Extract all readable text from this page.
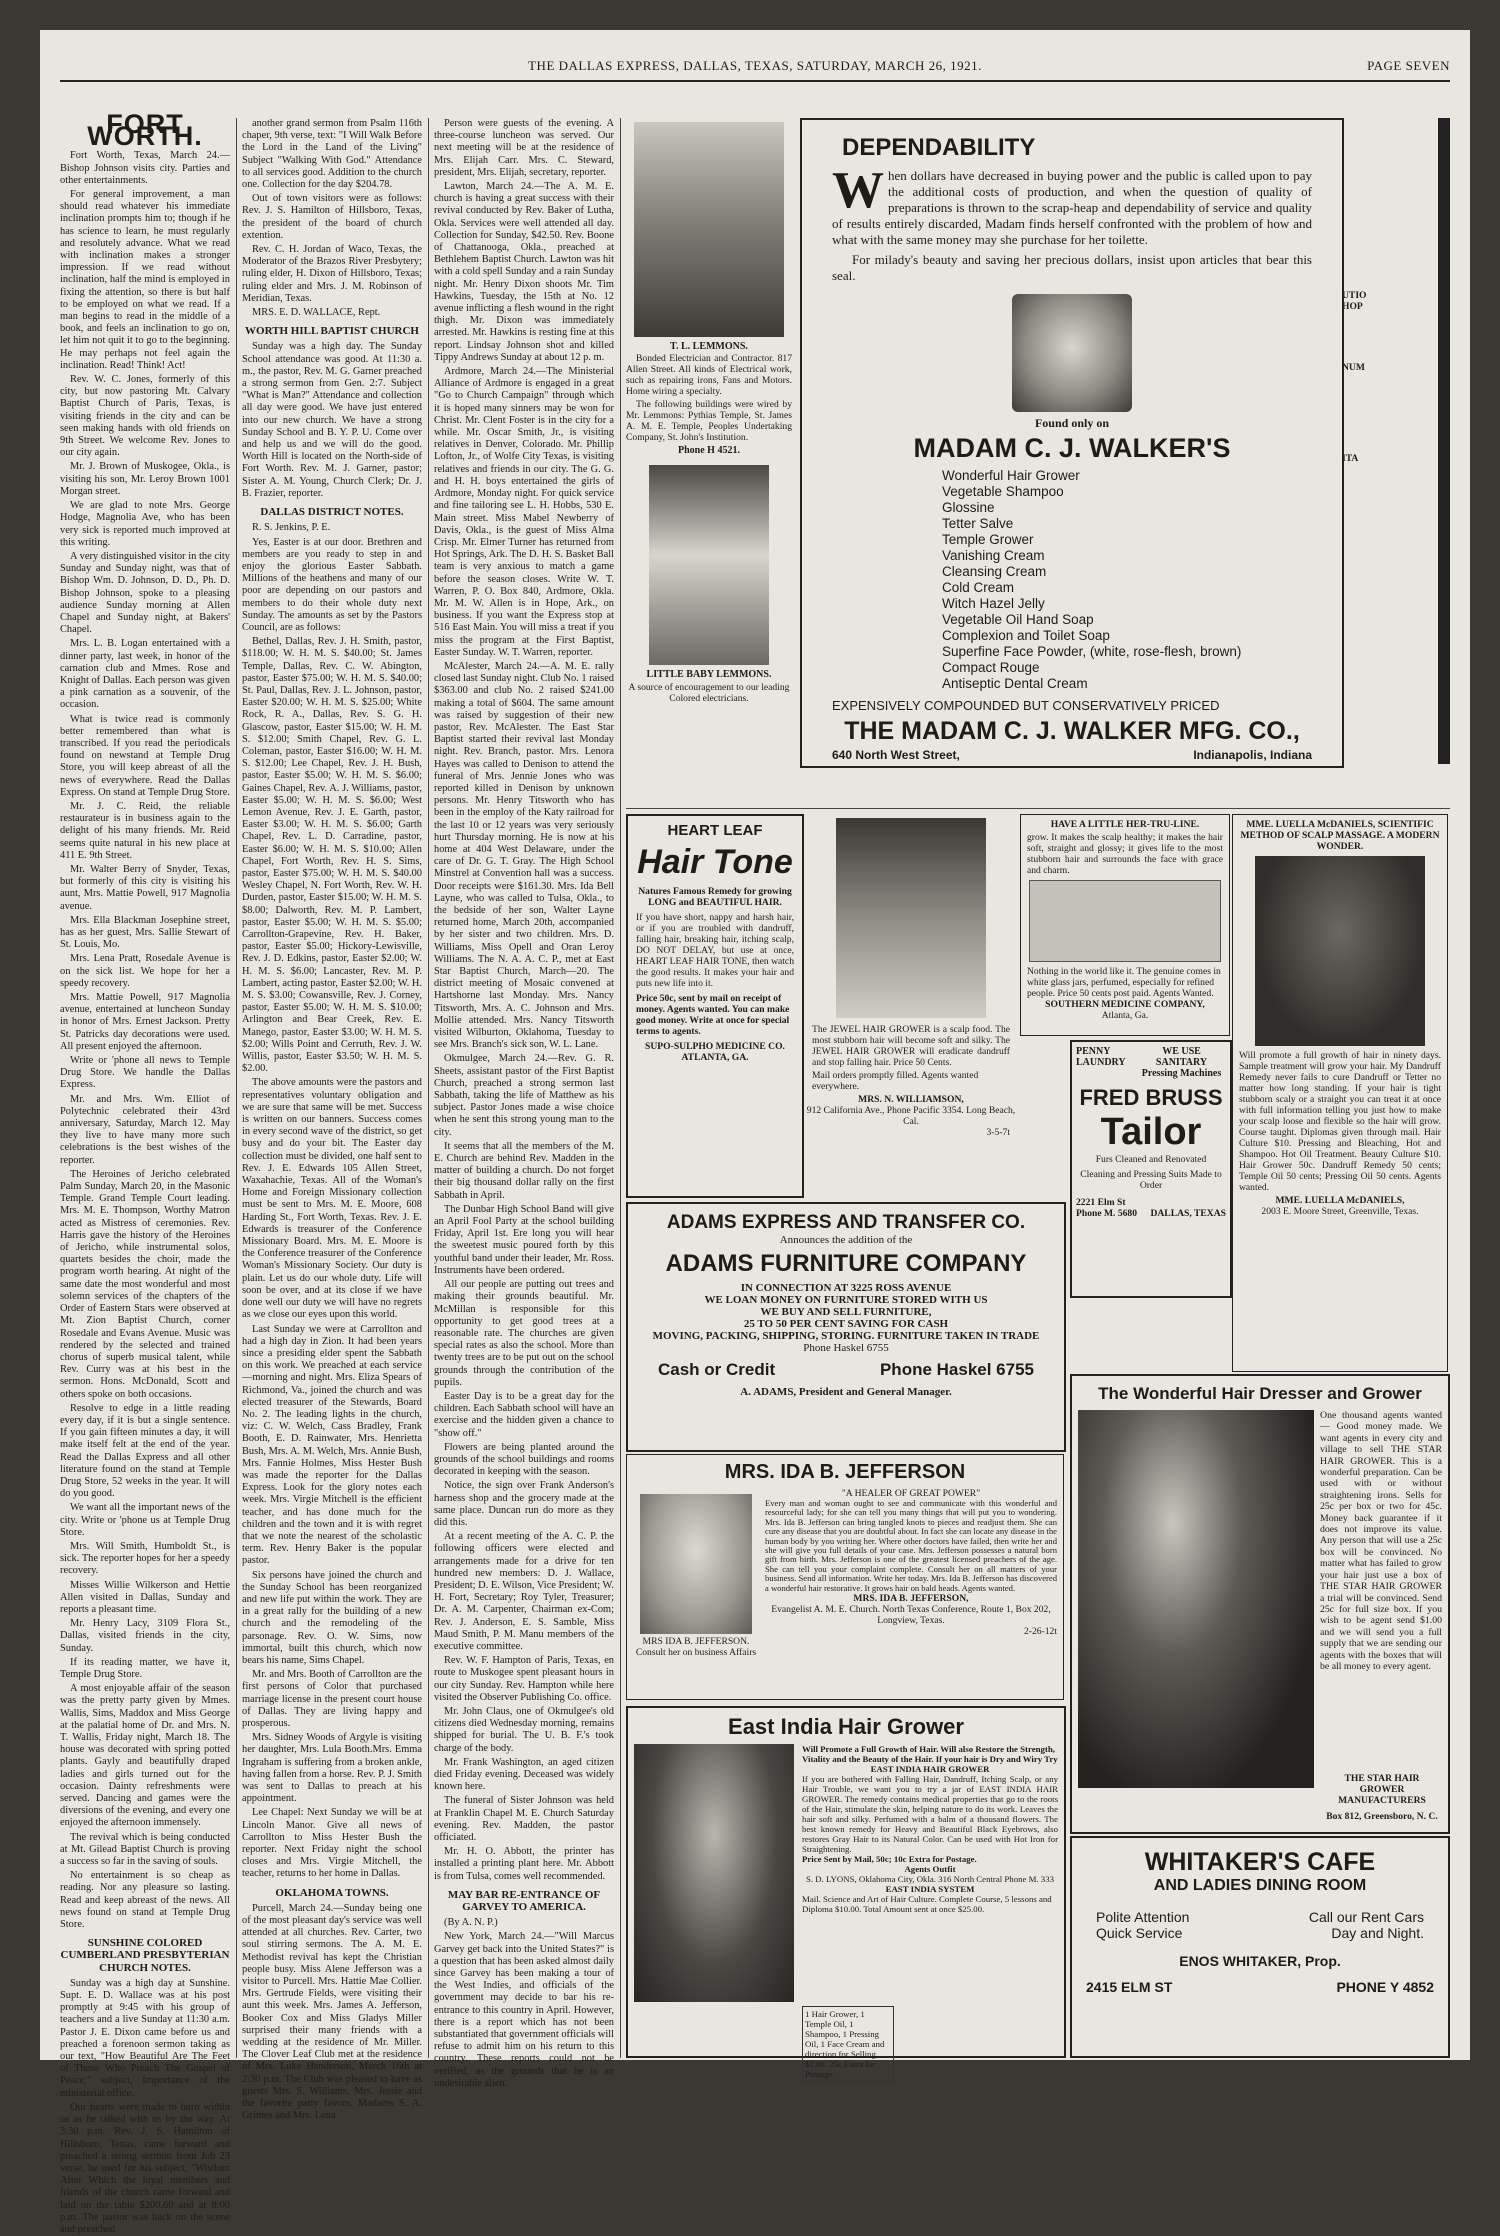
THE DALLAS EXPRESS, DALLAS, TEXAS, SATURDAY, MARCH 26, 1921.	PAGE SEVEN
FORT WORTH.

Fort Worth, Texas, March 24.— Bishop Johnson visits city. Parties and other entertainments.

For general improvement, a man should read whatever his immediate inclination prompts him to; though if he has science to learn, he must regularly and resolutely advance. What we read with inclination makes a stronger impression. If we read without inclination, half the mind is employed in fixing the attention, so there is but half to be employed on what we read. If a man begins to read in the middle of a book, and feels an inclination to go on, let him not quit it to go to the beginning. He may perhaps not feel again the inclination. Read! Think! Act!

Rev. W. C. Jones, formerly of this city, but now pastoring Mt. Calvary Baptist Church of Paris, Texas, is visiting friends in the city and can be seen making hands with old friends on 9th Street. We welcome Rev. Jones to our city again.

Mr. J. Brown of Muskogee, Okla., is visiting his son, Mr. Leroy Brown 1001 Morgan street.

We are glad to note Mrs. George Hodge, Magnolia Ave, who has been very sick is reported much improved at this writing.

A very distinguished visitor in the city Sunday and Sunday night, was that of Bishop Wm. D. Johnson, D. D., Ph. D. Bishop Johnson, spoke to a pleasing audience Sunday morning at Allen Chapel and Sunday night, at Bakers' Chapel.

Mrs. L. B. Logan entertained with a dinner party, last week, in honor of the carnation club and Mmes. Rose and Knight of Dallas. Each person was given a pink carnation as a souvenir, of the occasion.

What is twice read is commonly better remembered than what is transcribed. If you read the periodicals found on newstand at Temple Drug Store, you will keep abreast of all the news of everywhere. Read the Dallas Express. On stand at Temple Drug Store.

Mr. J. C. Reid, the reliable restaurateur is in business again to the delight of his many friends. Mr. Reid seems quite natural in his new place at 411 E. 9th Street.

Mr. Walter Berry of Snyder, Texas, but formerly of this city is visiting his aunt, Mrs. Mattie Powell, 917 Magnolia avenue.

Mrs. Ella Blackman Josephine street, has as her guest, Mrs. Sallie Stewart of St. Louis, Mo.

Mrs. Lena Pratt, Rosedale Avenue is on the sick list. We hope for her a speedy recovery.

Mrs. Mattie Powell, 917 Magnolia avenue, entertained at luncheon Sunday in honor of Mrs. Ernest Jackson. Pretty St. Patricks day decorations were used. All present enjoyed the afternoon.

Write or 'phone all news to Temple Drug Store. We handle the Dallas Express.

Mr. and Mrs. Wm. Elliot of Polytechnic celebrated their 43rd anniversary, Saturday, March 12. May they live to have many more such celebrations is the best wishes of the reporter.

The Heroines of Jericho celebrated Palm Sunday, March 20, in the Masonic Temple. Grand Temple Court leading. Mrs. M. E. Thompson, Worthy Matron acted as Mistress of ceremonies. Rev. Harris gave the history of the Heroines of Jericho, while instrumental solos, quartets besides the choir, made the program worth hearing. At night of the same date the most wonderful and most solemn services of the chapters of the Order of Eastern Stars were observed at Mt. Zion Baptist Church, corner Rosedale and Evans Avenue. Music was rendered by the selected and trained chorus of superb musical talent, while Rev. Curry was at his best in the sermon. Hons. McDonald, Scott and others spoke on both occasions.

Resolve to edge in a little reading every day, if it is but a single sentence. If you gain fifteen minutes a day, it will make itself felt at the end of the year. Read the Dallas Express and all other literature found on the stand at Temple Drug Store, 52 weeks in the year. It will do you good.

We want all the important news of the city. Write or 'phone us at Temple Drug Store.

Mrs. Will Smith, Humboldt St., is sick. The reporter hopes for her a speedy recovery.

Misses Willie Wilkerson and Hettie Allen visited in Dallas, Sunday and reports a pleasant time.

Mr. Henry Lacy, 3109 Flora St., Dallas, visited friends in the city, Sunday.

If its reading matter, we have it, Temple Drug Store.

A most enjoyable affair of the season was the pretty party given by Mmes. Wallis, Sims, Maddox and Miss George at the palatial home of Dr. and Mrs. N. T. Wallis, Friday night, March 18. The house was decorated with spring potted plants. Gayly and beautifully draped ladies and girls turned out for the occasion. Dainty refreshments were served. Dancing and games were the diversions of the evening, and every one enjoyed the afternoon immensely.

The revival which is being conducted at Mt. Gilead Baptist Church is proving a success so far in the saving of souls.

No entertainment is so cheap as reading. Nor any pleasure so lasting. Read and keep abreast of the news. All news found on stand at Temple Drug Store.

SUNSHINE COLORED CUMBERLAND PRESBYTERIAN CHURCH NOTES.

Sunday was a high day at Sunshine. Supt. E. D. Wallace was at his post promptly at 9:45 with his group of teachers and a live Sunday at 11:30 a.m. Pastor J. E. Dixon came before us and preached a forenoon sermon taking as our text, "How Beautiful Are The Feet of Those Who Preach The Gospel of Peace," subject, Importance of the ministerial office.

Our hearts were made to burn within us as he talked with us by the way. At 3:30 p.m. Rev. J. S. Hamilton of Hillsboro, Texas, came forward and preached a strong sermon from Job 23 verse, he used for his subject, "Wisdom After Which the loyal members and friends of the church came forward and laid on the table $200.60 and at 8:00 p.m. The pastor was back on the scene and preached

another grand sermon from Psalm 116th chaper, 9th verse, text: "I Will Walk Before the Lord in the Land of the Living" Subject "Walking With God." Attendance to all services good. Addition to the church one. Collection for the day $204.78.

Out of town visitors were as follows: Rev. J. S. Hamilton of Hillsboro, Texas, the president of the board of church extention.

Rev. C. H. Jordan of Waco, Texas, the Moderator of the Brazos River Presbytery; ruling elder, H. Dixon of Hillsboro, Texas; ruling elder and Mrs. J. M. Robinson of Meridian, Texas.

MRS. E. D. WALLACE, Rept.

WORTH HILL BAPTIST CHURCH

Sunday was a high day. The Sunday School attendance was good. At 11:30 a. m., the pastor, Rev. M. G. Garner preached a strong sermon from Gen. 2:7. Subject "What is Man?" Attendance and collection all day were good. We have just entered into our new church. We have a strong Sunday School and B. Y. P. U. Come over and help us and we will do the good. Worth Hill is located on the North-side of Fort Worth. Rev. M. J. Garner, pastor; Sister A. M. Young, Church Clerk; Dr. J. B. Frazier, reporter.

DALLAS DISTRICT NOTES.

R. S. Jenkins, P. E.

Yes, Easter is at our door. Brethren and members are you ready to step in and enjoy the glorious Easter Sabbath. Millions of the heathens and many of our poor are depending on our pastors and members to do their whole duty next Sunday. The amounts as set by the Pastors Council, are as follows:

Bethel, Dallas, Rev. J. H. Smith, pastor, $118.00; W. H. M. S. $40.00; St. James Temple, Dallas, Rev. C. W. Abington, pastor, Easter $75.00; W. H. M. S. $40.00; St. Paul, Dallas, Rev. J. L. Johnson, pastor, Easter $20.00; W. H. M. S. $25.00; White Rock, R. A., Dallas, Rev. S. G. H. Glascow, pastor, Easter $15.00; W. H. M. S. $12.00; Smith Chapel, Rev. G. L. Coleman, pastor, Easter $16.00; W. H. M. S. $12.00; Lee Chapel, Rev. J. H. Bush, pastor, Easter $5.00; W. H. M. S. $6.00; Gaines Chapel, Rev. A. J. Williams, pastor, Easter $5.00; W. H. M. S. $6.00; West Lemon Avenue, Rev. J. E. Garth, pastor, Easter $3.00; W. H. M. S. $6.00; Garth Chapel, Rev. L. D. Carradine, pastor, Easter $6.00; W. H. M. S. $10.00; Allen Chapel, Fort Worth, Rev. H. S. Sims, pastor, Easter $75.00; W. H. M. S. $40.00 Wesley Chapel, N. Fort Worth, Rev. W. H. Durden, pastor, Easter $15.00; W. H. M. S. $8.00; Dalworth, Rev. M. P. Lambert, pastor, Easter $5.00; W. H. M. S. $5.00; Carrollton-Grapevine, Rev. H. Baker, pastor, Easter $5.00; Hickory-Lewisville, Rev. J. D. Edkins, pastor, Easter $2.00; W. H. M. S. $6.00; Lancaster, Rev. M. P. Lambert, acting pastor, Easter $2.00; W. H. M. S. $3.00; Cowansville, Rev. J. Corney, pastor, Easter $5.00; W. H. M. S. $10.00; Arlington and Bear Creek, Rev. E. Manego, pastor, Easter $3.00; W. H. M. S. $2.00; Wills Point and Cerruth, Rev. J. W. Willis, pastor, Easter $3.50; W. H. M. S. $2.00.

The above amounts were the pastors and representatives voluntary obligation and we are sure that same will be met. Success is written on our banners. Success comes in every second wave of the district, so get busy and do your bit. The Easter day collection must be divided, one half sent to Rev. J. E. Edwards 105 Allen Street, Waxahachie, Texas. All of the Woman's Home and Foreign Missionary collection must be sent to Mrs. M. E. Moore, 608 Harding St., Fort Worth, Texas. Rev. J. E. Edwards is treasurer of the Conference Missionary Board. Mrs. M. E. Moore is the Conference treasurer of the Conference Woman's Missionary Society. Our duty is plain. Let us do our whole duty. Life will soon be over, and at its close if we have done well our duty we will have no regrets as we close our eyes upon this world.

Last Sunday we were at Carrollton and had a high day in Zion. It had been years since a presiding elder spent the Sabbath on this work. We preached at each service—morning and night. Mrs. Eliza Spears of Richmond, Va., joined the church and was elected treasurer of the Stewards, Board No. 2. The leading lights in the church, viz: C. W. Welch, Cass Bradley, Frank Booth, E. D. Rainwater, Mrs. Henrietta Bush, Mrs. A. M. Welch, Mrs. Annie Bush, Mrs. Fannie Holmes, Miss Hester Bush was made the reporter for the Dallas Express. Look for the glory notes each week. Mrs. Virgie Mitchell is the efficient teacher, and has done much for the children and the town and it is with regret that we note the nearest of the scholastic term. Rev. Henry Baker is the popular pastor.

Six persons have joined the church and the Sunday School has been reorganized and new life put within the work. They are in a great rally for the building of a new church and the remodeling of the parsonage. Rev. O. W. Sims, now immortal, built this church, which now bears his name, Sims Chapel.

Mr. and Mrs. Booth of Carrollton are the first persons of Color that purchased marriage license in the present court house of Dallas. They are living happy and prosperous.

Mrs. Sidney Woods of Argyle is visiting her daughter, Mrs. Lula Booth.Mrs. Emma Ingraham is suffering from a broken ankle, having fallen from a horse. Rev. P. J. Smith was sent to Dallas to preach at his appointment.

Lee Chapel: Next Sunday we will be at Lincoln Manor. Give all news of Carrollton to Miss Hester Bush the reporter. Next Friday night the school closes and Mrs. Virgie Mitchell, the teacher, returns to her home in Dallas.

OKLAHOMA TOWNS.

Purcell, March 24.—Sunday being one of the most pleasant day's service was well attended at all churches. Rev. Carter, two soul stirring sermons. The A. M. E. Methodist revival has kept the Christian people busy. Miss Alene Jefferson was a visitor to Purcell. Mrs. Hattie Mae Collier. Mrs. Gertrude Fields, were visiting their aunt this week. Mrs. James A. Jefferson, Booker Cox and Miss Gladys Miller surprised their many friends with a wedding at the residence of Mr. Miller. The Clover Leaf Club met at the residence of Mrs. Luke Henderson, March 16th at 2:30 p.m. The Club was pleased to have as guests Mrs. S. Williams, Mrs. Jessie and the favorite party favors. Madams S. A. Grimes and Mrs. Lena

Person were guests of the evening. A three-course luncheon was served. Our next meeting will be at the residence of Mrs. Elijah Carr. Mrs. C. Steward, president, Mrs. Elijah, secretary, reporter.

Lawton, March 24.—The A. M. E. church is having a great success with their revival conducted by Rev. Baker of Lutha, Okla. Services were well attended all day. Collection for Sunday, $42.50. Rev. Boone of Chattanooga, Okla., preached at Bethlehem Baptist Church. Lawton was hit with a cold spell Sunday and a rain Sunday night. Mr. Henry Dixon shoots Mr. Tim Hawkins, Tuesday, the 15th at No. 12 avenue inflicting a flesh wound in the right thigh. Mr. Dixon was immediately arrested. Mr. Hawkins is resting fine at this report. Lindsay Johnson shot and killed Tippy Andrews Sunday at about 12 p. m.

Ardmore, March 24.—The Ministerial Alliance of Ardmore is engaged in a great "Go to Church Campaign" through which it is hoped many sinners may be won for Christ. Mr. Clent Foster is in the city for a while. Mr. Oscar Smith, Jr., is visiting relatives in Denver, Colorado. Mr. Phillip Lofton, Jr., of Wolfe City Texas, is visiting relatives and friends in our city. The G. G. and H. H. boys entertained the girls of Ardmore, Monday night. For quick service and fine tailoring see L. H. Hobbs, 530 E. Main street. Miss Mabel Newberry of Davis, Okla., is the guest of Miss Alma Crisp. Mr. Elmer Turner has returned from Hot Springs, Ark. The D. H. S. Basket Ball team is very anxious to match a game before the season closes. Write W. T. Warren, P. O. Box 840, Ardmore, Okla. Mr. M. W. Allen is in Hope, Ark., on business. If you want the Express stop at 516 East Main. You will miss a treat if you miss the program at the First Baptist, Easter Sunday. W. T. Warren, reporter.

McAlester, March 24.—A. M. E. rally closed last Sunday night. Club No. 1 raised $363.00 and club No. 2 raised $241.00 making a total of $604. The same amount was raised by suggestion of their new pastor, Rev. McAlester. The East Star Baptist started their revival last Monday night. Rev. Branch, pastor. Mrs. Lenora Hayes was called to Denison to attend the funeral of Mrs. Jennie Jones who was reported killed in Denison by unknown persons. Mr. Henry Titsworth who has been in the employ of the Katy railroad for the last 10 or 12 years was very seriously hurt Thursday morning. He is now at his home at 404 West Delaware, under the care of Dr. G. T. Gray. The High School Minstrel at Convention hall was a success. Door receipts were $161.30. Mrs. Ida Bell Layne, who was called to Tulsa, Okla., to the bedside of her son, Walter Layne returned home, March 20th, accompanied by her sister and two children. Mrs. D. Williams, Miss Opell and Oran Leroy Williams. The N. A. A. C. P., met at East Star Baptist Church, March—20. The district meeting of Mosaic convened at Hartshorne last Monday. Mrs. Nancy Titsworth, Mrs. A. C. Johnson and Mrs. Mollie attended. Mrs. Nancy Titsworth visited Wilburton, Oklahoma, Tuesday to see Mrs. Branch's sick son, W. L. Lane.

Okmulgee, March 24.—Rev. G. R. Sheets, assistant pastor of the First Baptist Church, preached a strong sermon last Sabbath, taking the life of Matthew as his subject. Pastor Jones made a wise choice when he sent this strong young man to the city.

It seems that all the members of the M. E. Church are behind Rev. Madden in the matter of building a church. Do not forget their big thousand dollar rally on the first Sabbath in April.

The Dunbar High School Band will give an April Fool Party at the school building Friday, April 1st. Ere long you will hear the sweetest music poured forth by this youthful band under their leader, Mr. Ross. Instruments have been ordered.

All our people are putting out trees and making their grounds beautiful. Mr. McMillan is responsible for this opportunity to get good trees at a reasonable rate. The churches are given special rates as also the school. More than twenty trees are to be put out on the school grounds through the contribution of the pupils.

Easter Day is to be a great day for the children. Each Sabbath school will have an exercise and the hidden given a chance to "show off."

Flowers are being planted around the grounds of the school buildings and rooms decorated in keeping with the season.

Notice, the sign over Frank Anderson's harness shop and the grocery made at the same place. Duncan run do more as they did this.

At a recent meeting of the A. C. P. the following officers were elected and arrangements made for a drive for ten hundred new members: D. J. Wallace, President; D. E. Wilson, Vice President; W. H. Fort, Secretary; Roy Tyler, Treasurer; Dr. A. M. Carpenter, Chairman ex-Com; Rev. J. Anderson, E. S. Samble, Miss Maud Smith, P. M. Manu members of the executive committee.

Rev. W. F. Hampton of Paris, Texas, en route to Muskogee spent pleasant hours in our city Sunday. Rev. Hampton while here visited the Observer Publishing Co. office.

Mr. John Claus, one of Okmulgee's old citizens died Wednesday morning, remains shipped for burial. The U. B. F.'s took charge of the body.

Mr. Frank Washington, an aged citizen died Friday evening. Deceased was widely known here.

The funeral of Sister Johnson was held at Franklin Chapel M. E. Church Saturday evening. Rev. Madden, the pastor officiated.

Mr. H. O. Abbott, the printer has installed a printing plant here. Mr. Abbott is from Tulsa, comes well recommended.

MAY BAR RE-ENTRANCE OF GARVEY TO AMERICA.

(By A. N. P.)

New York, March 24.—"Will Marcus Garvey get back into the United States?" is a question that has been asked almost daily since Garvey has been making a tour of the West Indies, and officials of the government may decide to bar his re-entrance to this country in April. However, there is a report which has not been substantiated that government officials will refuse to admit him on his return to this country. These reports could not be verified, as the grounds that he is an undesirable alien.

T. L. LEMMONS.

Bonded Electrician and Contractor. 817 Allen Street. All kinds of Electrical work, such as repairing irons, Fans and Motors. Home wiring a specialty.

The following buildings were wired by Mr. Lemmons: Pythias Temple, St. James A. M. E. Temple, Peoples Undertaking Company, St. John's Institution.

Phone H 4521.
LITTLE BABY LEMMONS.
A source of encouragement to our leading Colored electricians.
DEPENDABILITY
W hen dollars have decreased in buying power and the public is called upon to pay the additional costs of production, and when the question of quality of preparations is thrown to the scrap-heap and dependability of service and quality of results entirely discarded, Madam finds herself confronted with the problem of how and what with the same money may she purchase for her toilette.
For milady's beauty and saving her precious dollars, insist upon articles that bear this seal.
Found only on
MADAM C. J. WALKER'S
Wonderful Hair Grower
Vegetable Shampoo
Glossine
Tetter Salve
Temple Grower
Vanishing Cream
Cleansing Cream
Cold Cream
Witch Hazel Jelly
Vegetable Oil Hand Soap
Complexion and Toilet Soap
Superfine Face Powder, (white, rose-flesh, brown)
Compact Rouge
Antiseptic Dental Cream
EXPENSIVELY COMPOUNDED BUT CONSERVATIVELY PRICED
THE MADAM C. J. WALKER MFG. CO.,
640 North West Street,	Indianapolis, Indiana
UTIO
HOP
NUM
ITA
HEART LEAF
Hair Tone
Natures Famous Remedy for growing LONG and BEAUTIFUL HAIR.
If you have short, nappy and harsh hair, or if you are troubled with dandruff, falling hair, breaking hair, itching scalp, DO NOT DELAY, but use at once, HEART LEAF HAIR TONE, then watch the good results. It makes your hair and puts new life into it.
Price 50c, sent by mail on receipt of money. Agents wanted. You can make good money. Write at once for special terms to agents.
SUPO-SULPHO MEDICINE CO.
ATLANTA, GA.
The JEWEL HAIR GROWER is a scalp food. The most stubborn hair will become soft and silky. The JEWEL HAIR GROWER will eradicate dandruff and stop falling hair. Price 50 Cents.
Mail orders promptly filled. Agents wanted everywhere.
MRS. N. WILLIAMSON,
912 California Ave., Phone Pacific 3354. Long Beach, Cal.
3-5-7t
HAVE A LITTLE HER-TRU-LINE.
grow. It makes the scalp healthy; it makes the hair soft, straight and glossy; it gives life to the most stubborn hair and surrounds the face with grace and charm.
Nothing in the world like it. The genuine comes in white glass jars, perfumed, especially for refined people. Price 50 cents post paid. Agents Wanted.
SOUTHERN MEDICINE COMPANY,
Atlanta, Ga.
MME. LUELLA McDANIELS, SCIENTIFIC METHOD OF SCALP MASSAGE. A MODERN WONDER.
Will promote a full growth of hair in ninety days. Sample treatment will grow your hair. My Dandruff Remedy never fails to cure Dandruff or Tetter no matter how long standing. If your hair is tight stubborn scaly or a straight you can treat it at once with full information telling you just how to make your scalp loose and flexible so the hair will grow. Course taught. Diplomas given through mail. Hair Culture $10. Pressing and Bleaching, Hot and Shampoo. Hot Oil Treatment. Beauty Culture $10. Hair Grower 50c. Dandruff Remedy 50 cents; Temple Oil 50 cents; Pressing Oil 50 cents. Agents wanted.
MME. LUELLA McDANIELS,
2003 E. Moore Street, Greenville, Texas.
ADAMS EXPRESS AND TRANSFER CO.
Announces the addition of the
ADAMS FURNITURE COMPANY
IN CONNECTION AT 3225 ROSS AVENUE
WE LOAN MONEY ON FURNITURE STORED WITH US
WE BUY AND SELL FURNITURE,
25 TO 50 PER CENT SAVING FOR CASH
MOVING, PACKING, SHIPPING, STORING. FURNITURE TAKEN IN TRADE
Phone Haskel 6755
Cash or Credit	Phone Haskel 6755
A. ADAMS, President and General Manager.
PENNY LAUNDRY WE USE SANITARY Pressing Machines
FRED BRUSS
Tailor
Furs Cleaned and Renovated
Cleaning and Pressing Suits Made to Order
2221 Elm St
Phone M. 5680 DALLAS, TEXAS
MRS. IDA B. JEFFERSON
MRS IDA B. JEFFERSON. Consult her on business Affairs
"A HEALER OF GREAT POWER"
Every man and woman ought to see and communicate with this wonderful and resourceful lady; for she can tell you many things that will put you to wondering. Mrs. Ida B. Jefferson can bring tangled knots to pieces and readjust them. She can cure any disease that you are doubtful about. In fact she can locate any disease in the human body by you writing her. Where other doctors have failed, then write her and she will give you full details of your case. Mrs. Jefferson possesses a natural born gift from birth. Mrs. Jefferson is one of the greatest licensed preachers of the age. She can tell you your complaint complete. Consult her on all matters of your business. Send all information. Write her today. Mrs. Ida B. Jefferson has discovered a wonderful hair restorative. It grows hair on bald heads. Agents wanted.
MRS. IDA B. JEFFERSON,
Evangelist A. M. E. Church. North Texas Conference, Route 1, Box 202, Longview, Texas.
2-26-12t
East India Hair Grower
Will Promote a Full Growth of Hair. Will also Restore the Strength, Vitality and the Beauty of the Hair. If your hair is Dry and Wiry Try
EAST INDIA HAIR GROWER
If you are bothered with Falling Hair, Dandruff, Itching Scalp, or any Hair Trouble, we want you to try a jar of EAST INDIA HAIR GROWER. The remedy contains medical properties that go to the roots of the Hair, stimulate the skin, helping nature to do its work. Leaves the hair soft and silky. Perfumed with a balm of a thousand flowers. The best known remedy for Heavy and Beautiful Black Eyebrows, also restores Gray Hair to its Natural Color. Can be used with Hot Iron for Straightening.
Price Sent by Mail, 50c; 10c Extra for Postage.
Agents Outfit
S. D. LYONS, Oklahoma City, Okla. 316 North Central Phone M. 333
EAST INDIA SYSTEM
Mail. Science and Art of Hair Culture. Complete Course, 5 lessons and Diploma $10.00. Total Amount sent at once $25.00.
1 Hair Grower, 1 Temple Oil, 1 Shampoo, 1 Pressing Oil, 1 Face Cream and direction for Selling. $2.00. 25c Extra for Postage.
The Wonderful Hair Dresser and Grower
One thousand agents wanted — Good money made. We want agents in every city and village to sell THE STAR HAIR GROWER. This is a wonderful preparation. Can be used with or without straightening irons. Sells for 25c per box or two for 45c. Money back guarantee if it does not improve its value. Any person that will use a 25c box will be convinced. No matter what has failed to grow your hair just use a box of THE STAR HAIR GROWER a trial will be convinced. Send 25c for full size box. If you wish to be agent send $1.00 and we will send you a full supply that we are sending our agents with the boxes that will be all money to every agent.
THE STAR HAIR GROWER MANUFACTURERS
Box 812, Greensboro, N. C.
WHITAKER'S CAFE
AND LADIES DINING ROOM
Polite Attention Quick Service
Call our Rent Cars Day and Night.
ENOS WHITAKER, Prop.
2415 ELM ST	PHONE Y 4852
